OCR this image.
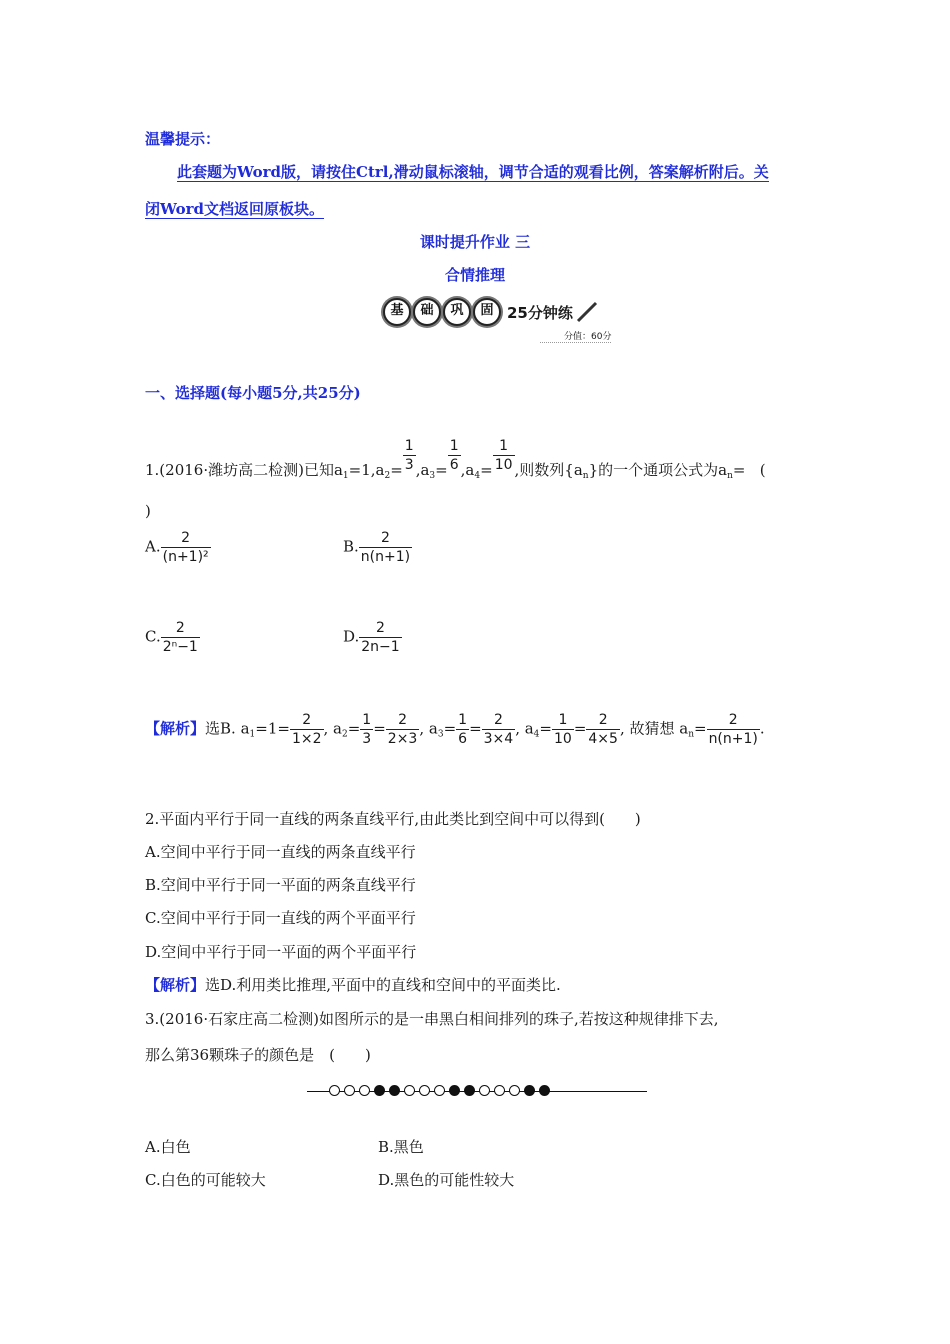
温馨提示：
此套题为Word版，请按住Ctrl,滑动鼠标滚轴，调节合适的观看比例，答案解析附后。关
闭Word文档返回原板块。
课时提升作业 三
合情推理
基	础	巩	固 25分钟练
分值：60分
一、选择题(每小题5分,共25分)
1.(2016·潍坊高二检测)已知$a_1=1,a_2= \frac{1}{3} ,a_3= \frac{1}{6} ,a_4= \frac{1}{10}$ ,则数列$\{a_n\}$的一个通项公式为$a_n=$   (
)
A. $\frac{2}{\text{(n+1)²}}$	B. $\frac{2}{n(n+1)}$
C. $\frac{2}{\text{2ⁿ−1}}$	D. $\frac{2}{2n-1}$
【解析】选B. $a_1=1= \frac{2}{1\times 2}$ , $a_2= \frac{1}{3} = \frac{2}{2\times 3}$ , $a_3= \frac{1}{6} = \frac{2}{3\times 4}$ , $a_4= \frac{1}{10} = \frac{2}{4\times 5}$ , 故猜想 $a_n= \frac{2}{n(n+1)}$ .
2.平面内平行于同一直线的两条直线平行,由此类比到空间中可以得到(　　)
A.空间中平行于同一直线的两条直线平行
B.空间中平行于同一平面的两条直线平行
C.空间中平行于同一直线的两个平面平行
D.空间中平行于同一平面的两个平面平行
【解析】选D.利用类比推理,平面中的直线和空间中的平面类比.
3.(2016·石家庄高二检测)如图所示的是一串黑白相间排列的珠子,若按这种规律排下去,
那么第36颗珠子的颜色是　(　　)
A.白色	B.黑色
C.白色的可能较大	D.黑色的可能性较大
